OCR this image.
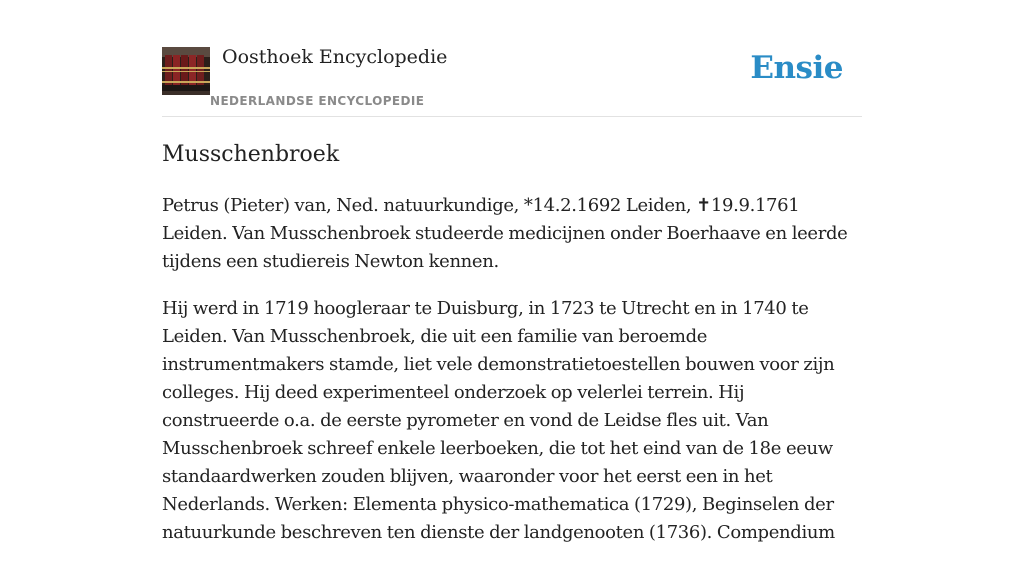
Oosthoek Encyclopedie
NEDERLANDSE ENCYCLOPEDIE
Ensie
Musschenbroek

Petrus (Pieter) van, Ned. natuurkundige, *14.2.1692 Leiden, ✝19.9.1761 Leiden. Van Musschenbroek studeerde medicijnen onder Boerhaave en leerde tijdens een studiereis Newton kennen.

Hij werd in 1719 hoogleraar te Duisburg, in 1723 te Utrecht en in 1740 te Leiden. Van Musschenbroek, die uit een familie van beroemde instrumentmakers stamde, liet vele demonstratietoestellen bouwen voor zijn colleges. Hij deed experimenteel onderzoek op velerlei terrein. Hij construeerde o.a. de eerste pyrometer en vond de Leidse fles uit. Van Musschenbroek schreef enkele leerboeken, die tot het eind van de 18e eeuw standaardwerken zouden blijven, waaronder voor het eerst een in het Nederlands. Werken: Elementa physico-mathematica (1729), Beginselen der natuurkunde beschreven ten dienste der landgenooten (1736). Compendium
